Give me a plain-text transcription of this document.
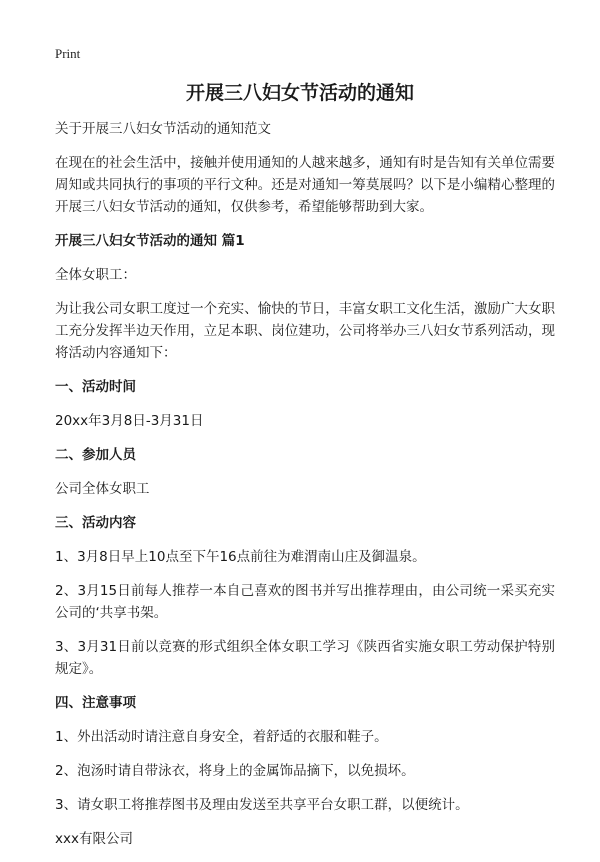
Print
开展三八妇女节活动的通知

关于开展三八妇女节活动的通知范文

在现在的社会生活中，接触并使用通知的人越来越多，通知有时是告知有关单位需要周知或共同执行的事项的平行文种。还是对通知一筹莫展吗？以下是小编精心整理的开展三八妇女节活动的通知，仅供参考，希望能够帮助到大家。

开展三八妇女节活动的通知 篇1

全体女职工：

为让我公司女职工度过一个充实、愉快的节日，丰富女职工文化生活，激励广大女职工充分发挥半边天作用，立足本职、岗位建功，公司将举办三八妇女节系列活动，现将活动内容通知下：

一、活动时间

20xx年3月8日-3月31日

二、参加人员

公司全体女职工

三、活动内容

1、3月8日早上10点至下午16点前往为难渭南山庄及御温泉。

2、3月15日前每人推荐一本自己喜欢的图书并写出推荐理由，由公司统一采买充实公司的‘共享书架。

3、3月31日前以竞赛的形式组织全体女职工学习《陕西省实施女职工劳动保护特别规定》。

四、注意事项

1、外出活动时请注意自身安全，着舒适的衣服和鞋子。

2、泡汤时请自带泳衣，将身上的金属饰品摘下，以免损坏。

3、请女职工将推荐图书及理由发送至共享平台女职工群，以便统计。

xxx有限公司
